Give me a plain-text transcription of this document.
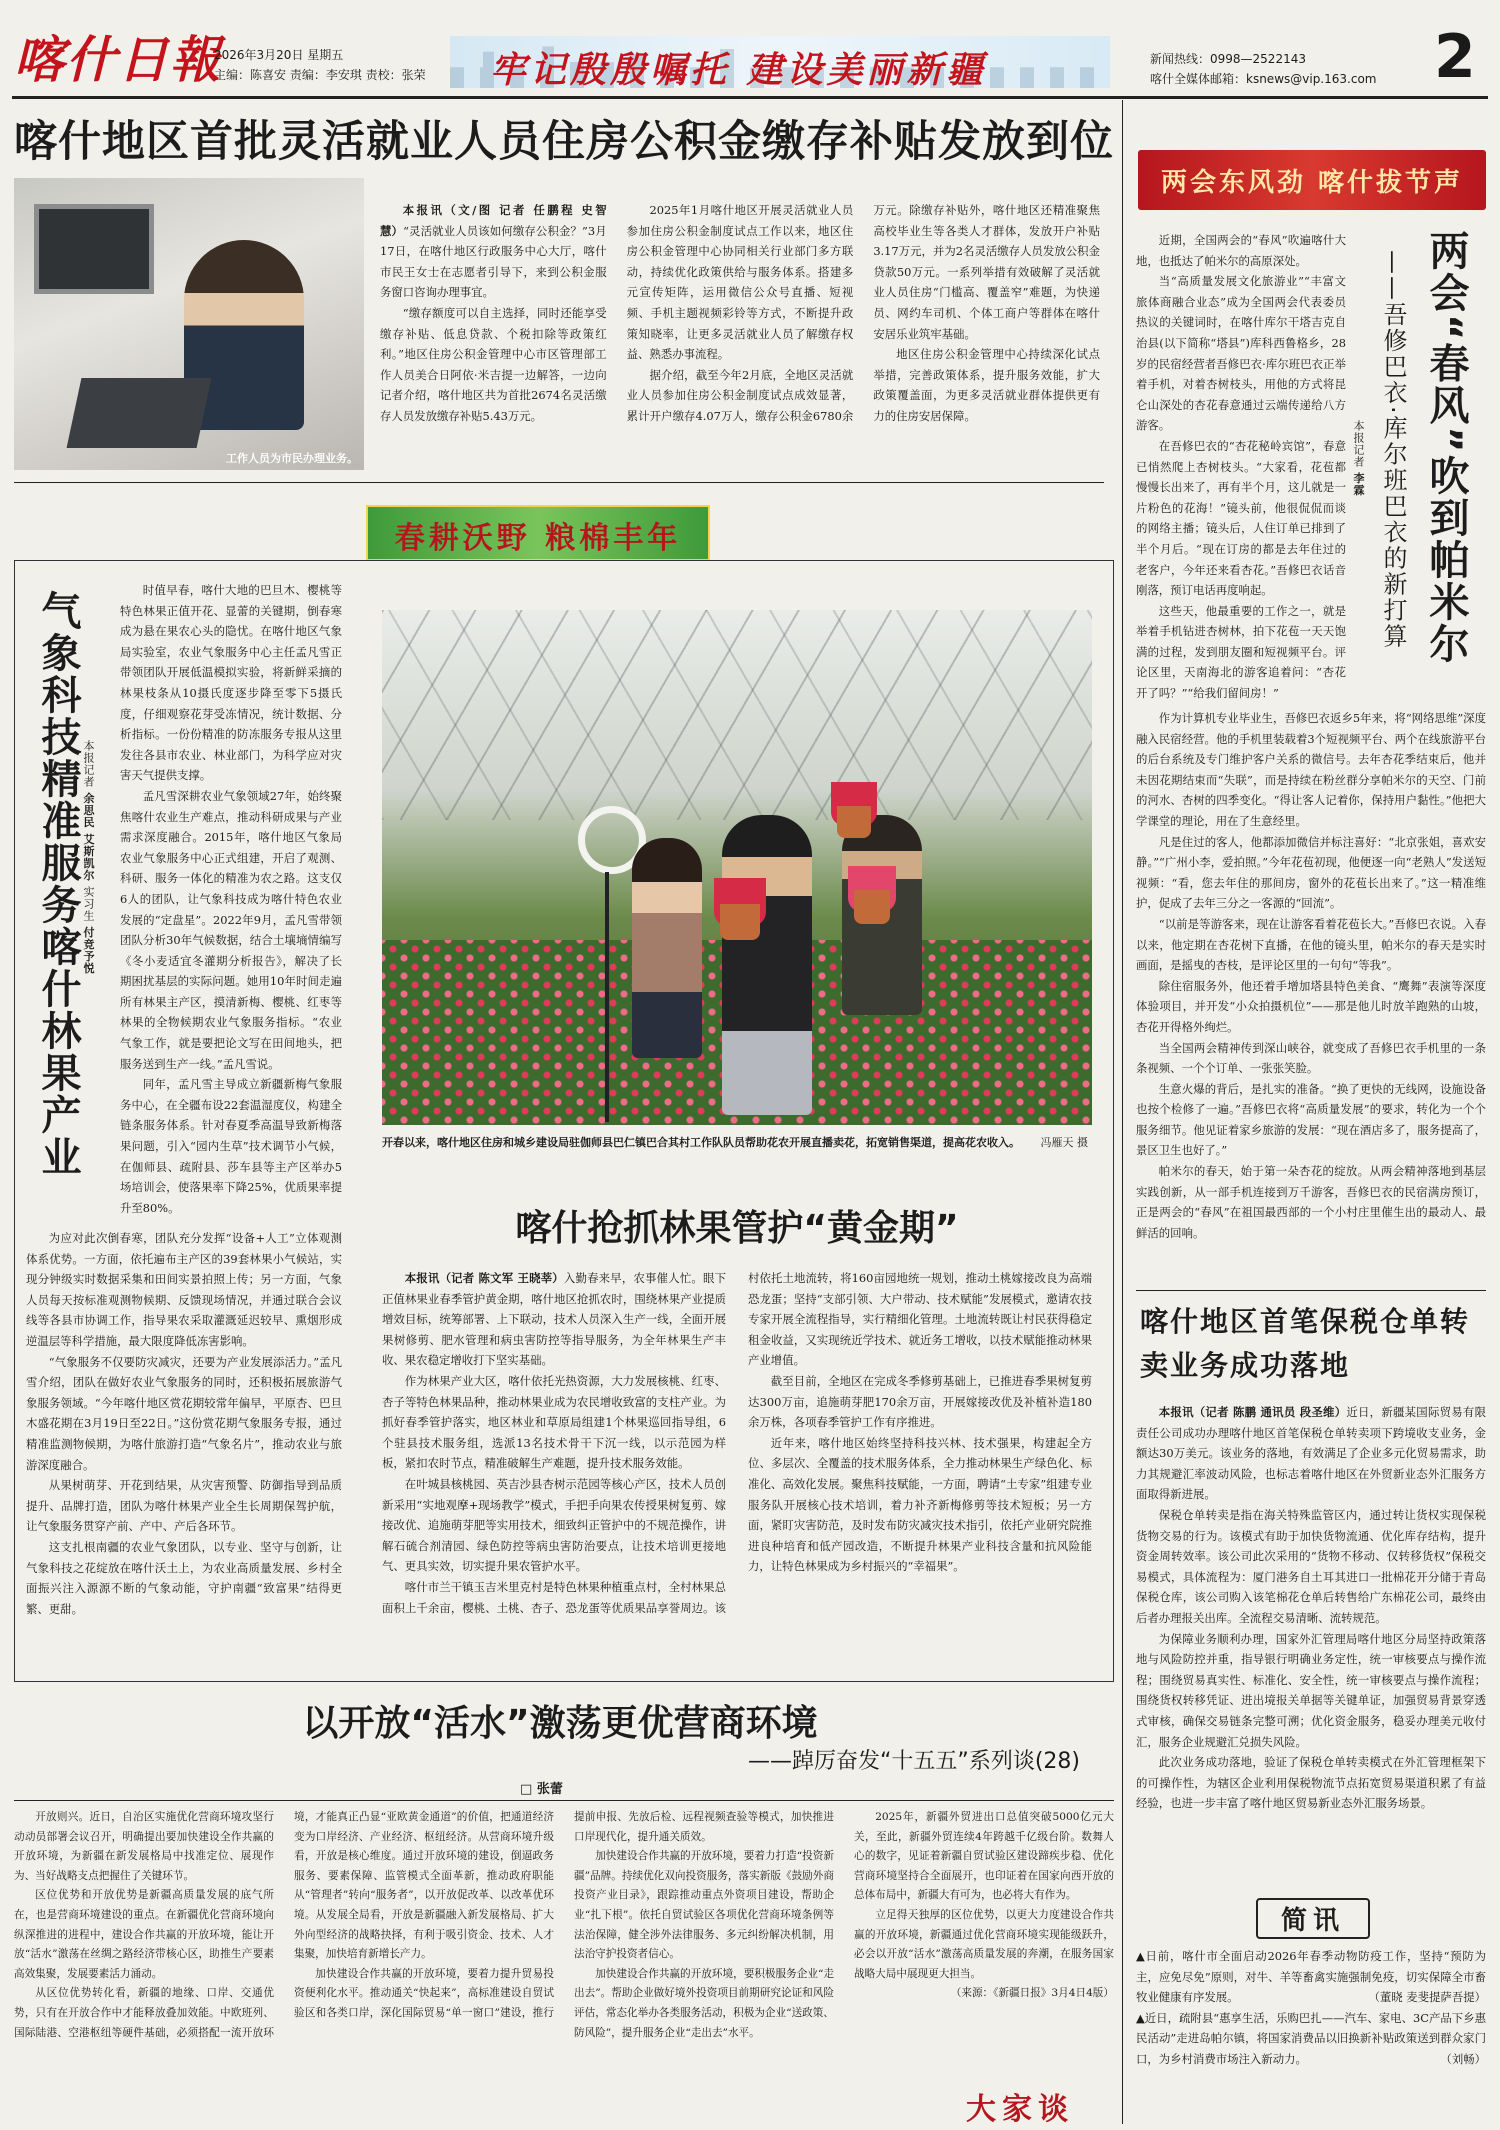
喀什日報
2026年3月20日 星期五
主编：陈喜安 责编：李安琪 责校：张荣 牢记殷殷嘱托 建设美丽新疆	新闻热线：0998—2522143
喀什全媒体邮箱：ksnews@vip.163.com 2
喀什地区首批灵活就业人员住房公积金缴存补贴发放到位
工作人员为市民办理业务。

本报讯（文/图 记者 任鹏程 史智慧）“灵活就业人员该如何缴存公积金？”3月17日，在喀什地区行政服务中心大厅，喀什市民王女士在志愿者引导下，来到公积金服务窗口咨询办理事宜。

“缴存额度可以自主选择，同时还能享受缴存补贴、低息贷款、个税扣除等政策红利。”地区住房公积金管理中心市区管理部工作人员美合日阿依·米吉提一边解答，一边向记者介绍，喀什地区共为首批2674名灵活缴存人员发放缴存补贴5.43万元。

2025年1月喀什地区开展灵活就业人员参加住房公积金制度试点工作以来，地区住房公积金管理中心协同相关行业部门多方联动，持续优化政策供给与服务体系。搭建多元宣传矩阵，运用微信公众号直播、短视频、手机主题视频彩铃等方式，不断提升政策知晓率，让更多灵活就业人员了解缴存权益、熟悉办事流程。

据介绍，截至今年2月底，全地区灵活就业人员参加住房公积金制度试点成效显著，累计开户缴存4.07万人，缴存公积金6780余万元。除缴存补贴外，喀什地区还精准聚焦高校毕业生等各类人才群体，发放开户补贴3.17万元，并为2名灵活缴存人员发放公积金贷款50万元。一系列举措有效破解了灵活就业人员住房“门槛高、覆盖窄”难题，为快递员、网约车司机、个体工商户等群体在喀什安居乐业筑牢基础。

地区住房公积金管理中心持续深化试点举措，完善政策体系，提升服务效能，扩大政策覆盖面，为更多灵活就业群体提供更有力的住房安居保障。

春耕沃野 粮棉丰年
气象科技精准服务喀什林果产业 本报记者 余思民 艾斯凯尔 实习生 付竞予悦

时值早春，喀什大地的巴旦木、樱桃等特色林果正值开花、显蕾的关键期，倒春寒成为悬在果农心头的隐忧。在喀什地区气象局实验室，农业气象服务中心主任孟凡雪正带领团队开展低温模拟实验，将新鲜采摘的林果枝条从10摄氏度逐步降至零下5摄氏度，仔细观察花芽受冻情况，统计数据、分析指标。一份份精准的防冻服务专报从这里发往各县市农业、林业部门，为科学应对灾害天气提供支撑。

孟凡雪深耕农业气象领域27年，始终聚焦喀什农业生产难点，推动科研成果与产业需求深度融合。2015年，喀什地区气象局农业气象服务中心正式组建，开启了观测、科研、服务一体化的精准为农之路。这支仅6人的团队，让气象科技成为喀什特色农业发展的“定盘星”。2022年9月，孟凡雪带领团队分析30年气候数据，结合土壤墒情编写《冬小麦适宜冬灌期分析报告》，解决了长期困扰基层的实际问题。她用10年时间走遍所有林果主产区，摸清新梅、樱桃、红枣等林果的全物候期农业气象服务指标。“农业气象工作，就是要把论文写在田间地头，把服务送到生产一线。”孟凡雪说。

同年，孟凡雪主导成立新疆新梅气象服务中心，在全疆布设22套温湿度仪，构建全链条服务体系。针对春夏季高温导致新梅落果问题，引入“园内生草”技术调节小气候，在伽师县、疏附县、莎车县等主产区举办5场培训会，使落果率下降25%，优质果率提升至80%。

为应对此次倒春寒，团队充分发挥“设备+人工”立体观测体系优势。一方面，依托遍布主产区的39套林果小气候站，实现分钟级实时数据采集和田间实景拍照上传；另一方面，气象人员每天按标准观测物候期、反馈现场情况，并通过联合会议线等各县市协调工作，指导果农采取灌溉延迟较早、熏烟形成逆温层等科学措施，最大限度降低冻害影响。

“气象服务不仅要防灾减灾，还要为产业发展添活力。”孟凡雪介绍，团队在做好农业气象服务的同时，还积极拓展旅游气象服务领域。“今年喀什地区赏花期较常年偏早，平原杏、巴旦木盛花期在3月19日至22日。”这份赏花期气象服务专报，通过精准监测物候期，为喀什旅游打造“气象名片”，推动农业与旅游深度融合。

从果树萌芽、开花到结果，从灾害预警、防御指导到品质提升、品牌打造，团队为喀什林果产业全生长周期保驾护航，让气象服务贯穿产前、产中、产后各环节。

这支扎根南疆的农业气象团队，以专业、坚守与创新，让气象科技之花绽放在喀什沃土上，为农业高质量发展、乡村全面振兴注入源源不断的气象动能，守护南疆“致富果”结得更繁、更甜。

开春以来，喀什地区住房和城乡建设局驻伽师县巴仁镇巴合其村工作队队员帮助花农开展直播卖花，拓宽销售渠道，提高花农收入。 冯雁天 摄
喀什抢抓林果管护“黄金期”

本报讯（记者 陈文军 王晓莘）入勤春来早，农事催人忙。眼下正值林果业春季管护黄金期，喀什地区抢抓农时，围绕林果产业提质增效目标，统筹部署、上下联动，技术人员深入生产一线，全面开展果树修剪、肥水管理和病虫害防控等指导服务，为全年林果生产丰收、果农稳定增收打下坚实基础。

作为林果产业大区，喀什依托光热资源，大力发展核桃、红枣、杏子等特色林果品种，推动林果业成为农民增收致富的支柱产业。为抓好春季管护落实，地区林业和草原局组建1个林果巡回指导组，6个驻县技术服务组，选派13名技术骨干下沉一线，以示范园为样板，紧扣农时节点，精准破解生产难题，提升技术服务效能。

在叶城县核桃园、英吉沙县杏树示范园等核心产区，技术人员创新采用“实地观摩+现场教学”模式，手把手向果农传授果树复剪、嫁接改优、追施萌芽肥等实用技术，细致纠正管护中的不规范操作，讲解石硫合剂清园、绿色防控等病虫害防治要点，让技术培训更接地气、更具实效，切实提升果农管护水平。

喀什市兰干镇玉吉米里克村是特色林果种植重点村，全村林果总面积上千余亩，樱桃、土桃、杏子、恐龙蛋等优质果品享誉周边。该村依托土地流转，将160亩园地统一规划，推动土桃嫁接改良为高端恐龙蛋；坚持“支部引领、大户带动、技术赋能”发展模式，邀请农技专家开展全流程指导，实行精细化管理。土地流转既让村民获得稳定租金收益，又实现统近学技术、就近务工增收，以技术赋能推动林果产业增值。

截至目前，全地区在完成冬季修剪基础上，已推进春季果树复剪达300万亩，追施萌芽肥170余万亩，开展嫁接改优及补植补造180余万株，各项春季管护工作有序推进。

近年来，喀什地区始终坚持科技兴林、技术强果，构建起全方位、多层次、全覆盖的技术服务体系，全力推动林果生产绿色化、标准化、高效化发展。聚焦科技赋能，一方面，聘请“土专家”组建专业服务队开展核心技术培训，着力补齐新梅修剪等技术短板；另一方面，紧盯灾害防范，及时发布防灾减灾技术指引，依托产业研究院推进良种培育和低产园改造，不断提升林果产业科技含量和抗风险能力，让特色林果成为乡村振兴的“幸福果”。

以开放“活水”激荡更优营商环境
——踔厉奋发“十五五”系列谈(28)
□ 张蕾

开放则兴。近日，自治区实施优化营商环境攻坚行动动员部署会议召开，明确提出要加快建设全作共赢的开放环境，为新疆在新发展格局中找准定位、展现作为、当好战略支点把握住了关键环节。

区位优势和开放优势是新疆高质量发展的底气所在，也是营商环境建设的重点。在新疆优化营商环境向纵深推进的进程中，建设合作共赢的开放环境，能让开放“活水”激荡在丝绸之路经济带核心区，助推生产要素高效集聚，发展要素活力涌动。

从区位优势转化看，新疆的地缘、口岸、交通优势，只有在开放合作中才能释放叠加效能。中欧班列、国际陆港、空港枢纽等硬件基础，必须搭配一流开放环境，才能真正凸显“亚欧黄金通道”的价值，把通道经济变为口岸经济、产业经济、枢纽经济。从营商环境升级看，开放是核心维度。通过开放环境的建设，倒逼政务服务、要素保障、监管模式全面革新，推动政府职能从“管理者”转向“服务者”，以开放促改革、以改革优环境。从发展全局看，开放是新疆融入新发展格局、扩大外向型经济的战略抉择，有利于吸引资金、技术、人才集聚，加快培育新增长产力。

加快建设合作共赢的开放环境，要着力提升贸易投资便利化水平。推动通关“快起来”，高标准建设自贸试验区和各类口岸，深化国际贸易“单一窗口”建设，推行提前申报、先放后检、远程视频查验等模式，加快推进口岸现代化，提升通关质效。

加快建设合作共赢的开放环境，要着力打造“投资新疆”品牌。持续优化双向投资服务，落实新版《鼓励外商投资产业目录》，跟踪推动重点外资项目建设，帮助企业“扎下根”。依托自贸试验区各项优化营商环境条例等法治保障，健全涉外法律服务、多元纠纷解决机制，用法治守护投资者信心。

加快建设合作共赢的开放环境，要积极服务企业“走出去”。帮助企业做好境外投资项目前期研究论证和风险评估，常态化举办各类服务活动，积极为企业“送政策、防风险”，提升服务企业“走出去”水平。

2025年，新疆外贸进出口总值突破5000亿元大关，至此，新疆外贸连续4年跨越千亿级台阶。数舞人心的数字，见证着新疆自贸试验区建设蹄疾步稳、优化营商环境坚持合全面展开，也印证着在国家向西开放的总体布局中，新疆大有可为，也必将大有作为。

立足得天独厚的区位优势，以更大力度建设合作共赢的开放环境，新疆通过优化营商环境实现能级跃升，必会以开放“活水”激荡高质量发展的奔潮，在服务国家战略大局中展现更大担当。

（来源：《新疆日报》3月4日4版）

大家谈
两会东风劲 喀什拔节声
两会“春风”吹到帕米尔
——吾修巴衣·库尔班巴衣的新打算
本报记者 李霖

近期，全国两会的“春风”吹遍喀什大地，也抵达了帕米尔的高原深处。

当“高质量发展文化旅游业”“丰富文旅体商融合业态”成为全国两会代表委员热议的关键词时，在喀什库尔干塔吉克自治县(以下简称“塔县”)库科西鲁格乡，28岁的民宿经营者吾修巴衣·库尔班巴衣正举着手机，对着杏树枝头，用他的方式将昆仑山深处的杏花春意通过云端传递给八方游客。

在吾修巴衣的“杏花秘岭宾馆”，春意已悄然爬上杏树枝头。“大家看，花苞都慢慢长出来了，再有半个月，这儿就是一片粉色的花海！”镜头前，他很侃侃而谈的网络主播；镜头后，人住订单已排到了半个月后。“现在订房的都是去年住过的老客户，今年还来看杏花。”吾修巴衣话音刚落，预订电话再度响起。

这些天，他最重要的工作之一，就是举着手机钻进杏树林，拍下花苞一天天饱满的过程，发到朋友圈和短视频平台。评论区里，天南海北的游客追着问：“杏花开了吗？”“给我们留间房！”

作为计算机专业毕业生，吾修巴衣返乡5年来，将“网络思维”深度融入民宿经营。他的手机里装载着3个短视频平台、两个在线旅游平台的后台系统及专门维护客户关系的微信号。去年杏花季结束后，他并未因花期结束而“失联”，而是持续在粉丝群分享帕米尔的天空、门前的河水、杏树的四季变化。“得让客人记着你，保持用户黏性。”他把大学课堂的理论，用在了生意经里。

凡是住过的客人，他都添加微信并标注喜好：“北京张姐，喜欢安静。”“广州小李，爱拍照。”今年花苞初现，他便逐一向“老熟人”发送短视频：“看，您去年住的那间房，窗外的花苞长出来了。”这一精准维护，促成了去年三分之一客源的“回流”。

“以前是等游客来，现在让游客看着花苞长大。”吾修巴衣说。入春以来，他定期在杏花树下直播，在他的镜头里，帕米尔的春天是实时画面，是摇曳的杏枝，是评论区里的一句句“等我”。

除住宿服务外，他还着手增加塔县特色美食、“鹰舞”表演等深度体验项目，并开发“小众拍摄机位”——那是他儿时放羊跑熟的山坡，杏花开得格外绚烂。

当全国两会精神传到深山峡谷，就变成了吾修巴衣手机里的一条条视频、一个个订单、一张张笑脸。

生意火爆的背后，是扎实的准备。“换了更快的无线网，设施设备也按个检修了一遍。”吾修巴衣将“高质量发展”的要求，转化为一个个服务细节。他见证着家乡旅游的发展：“现在酒店多了，服务提高了，景区卫生也好了。”

帕米尔的春天，始于第一朵杏花的绽放。从两会精神落地到基层实践创新，从一部手机连接到万千游客，吾修巴衣的民宿满房预订，正是两会的“春风”在祖国最西部的一个小村庄里催生出的最动人、最鲜活的回响。

喀什地区首笔保税仓单转卖业务成功落地

本报讯（记者 陈鹏 通讯员 段圣维）近日，新疆某国际贸易有限责任公司成功办理喀什地区首笔保税仓单转卖项下跨境收支业务，金额达30万美元。该业务的落地，有效满足了企业多元化贸易需求，助力其规避汇率波动风险，也标志着喀什地区在外贸新业态外汇服务方面取得新进展。

保税仓单转卖是指在海关特殊监管区内，通过转让货权实现保税货物交易的行为。该模式有助于加快货物流通、优化库存结构，提升资金周转效率。该公司此次采用的“货物不移动、仅转移货权”保税交易模式，具体流程为：厦门港务自土耳其进口一批棉花开分储于青岛保税仓库，该公司购入该笔棉花仓单后转售给广东棉花公司，最终由后者办理报关出库。全流程交易清晰、流转规范。

为保障业务顺利办理，国家外汇管理局喀什地区分局坚持政策落地与风险防控并重，指导银行明确业务定性，统一审核要点与操作流程；围绕贸易真实性、标准化、安全性，统一审核要点与操作流程；围绕货权转移凭证、进出境报关单据等关键单证，加强贸易背景穿透式审核，确保交易链条完整可溯；优化资金服务，稳妥办理美元收付汇，服务企业规避汇兑损失风险。

此次业务成功落地，验证了保税仓单转卖模式在外汇管理框架下的可操作性，为辖区企业利用保税物流节点拓宽贸易渠道积累了有益经验，也进一步丰富了喀什地区贸易新业态外汇服务场景。

简讯
▲日前，喀什市全面启动2026年春季动物防疫工作，坚持“预防为主，应免尽免”原则，对牛、羊等畜禽实施强制免疫，切实保障全市畜牧业健康有序发展。	（董晓 麦斐提萨吾提）
▲近日，疏附县“惠享生活，乐购巴扎——汽车、家电、3C产品下乡惠民活动”走进岛帕尔镇，将国家消费品以旧换新补贴政策送到群众家门口，为乡村消费市场注入新动力。	（刘畅）
